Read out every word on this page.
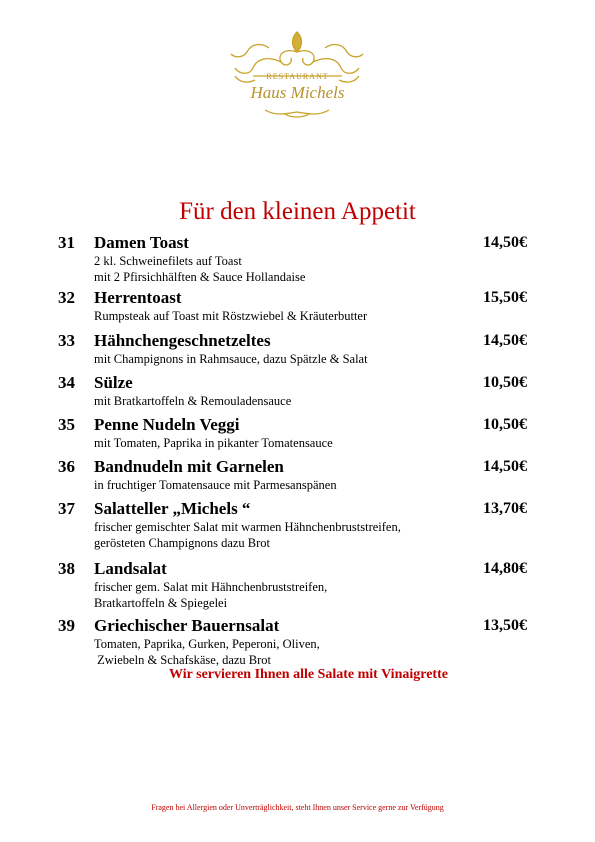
RESTAURANT
Haus Michels
Für den kleinen Appetit
31	Damen Toast	14,50€
2 kl. Schweinefilets auf Toast
mit 2 Pfirsichhälften & Sauce Hollandaise
32	Herrentoast	15,50€
Rumpsteak auf Toast mit Röstzwiebel & Kräuterbutter
33	Hähnchengeschnetzeltes	14,50€
mit Champignons in Rahmsauce, dazu Spätzle & Salat
34	Sülze	10,50€
mit Bratkartoffeln & Remouladensauce
35	Penne Nudeln Veggi	10,50€
mit Tomaten, Paprika in pikanter Tomatensauce
36	Bandnudeln mit Garnelen	14,50€
in fruchtiger Tomatensauce mit Parmesanspänen
37	Salatteller „Michels “	13,70€
frischer gemischter Salat mit warmen Hähnchenbruststreifen,
gerösteten Champignons dazu Brot
38	Landsalat	14,80€
frischer gem. Salat mit Hähnchenbruststreifen,
Bratkartoffeln & Spiegelei
39	Griechischer Bauernsalat	13,50€
Tomaten, Paprika, Gurken, Peperoni, Oliven,
Zwiebeln & Schafskäse, dazu Brot
Wir servieren Ihnen alle Salate mit Vinaigrette
Fragen bei Allergien oder Unverträglichkeit, steht Ihnen unser Service gerne zur Verfügung
